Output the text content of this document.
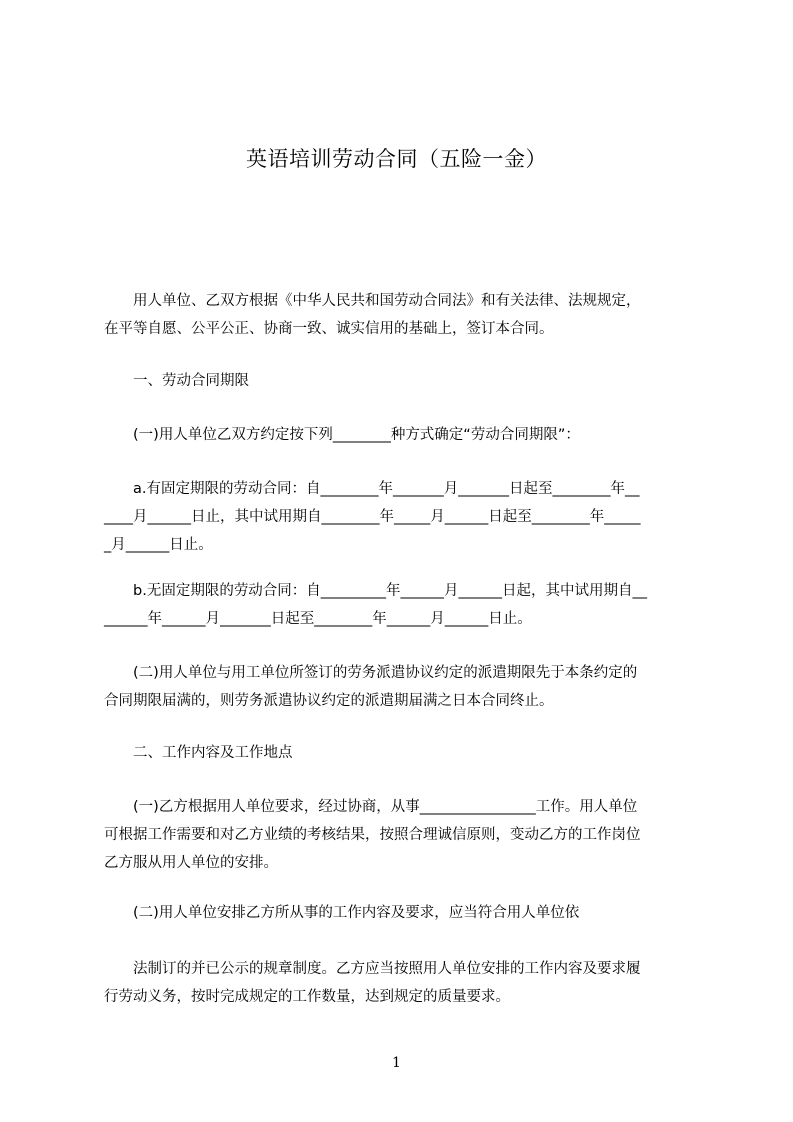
英语培训劳动合同（五险一金）
　　用人单位、乙双方根据《中华人民共和国劳动合同法》和有关法律、法规规定，
在平等自愿、公平公正、协商一致、诚实信用的基础上，签订本合同。
　　一、劳动合同期限
　　(一)用人单位乙双方约定按下列________种方式确定“劳动合同期限”：
　　a.有固定期限的劳动合同：自________年_______月_______日起至________年__
____月______日止，其中试用期自________年_____月______日起至________年_____
_月______日止。
　　b.无固定期限的劳动合同：自_________年______月______日起，其中试用期自__
______年______月_______日起至________年______月______日止。
　　(二)用人单位与用工单位所签订的劳务派遣协议约定的派遣期限先于本条约定的
合同期限届满的，则劳务派遣协议约定的派遣期届满之日本合同终止。
　　二、工作内容及工作地点
　　(一)乙方根据用人单位要求，经过协商，从事________________工作。用人单位
可根据工作需要和对乙方业绩的考核结果，按照合理诚信原则，变动乙方的工作岗位
乙方服从用人单位的安排。
　　(二)用人单位安排乙方所从事的工作内容及要求，应当符合用人单位依
　　法制订的并已公示的规章制度。乙方应当按照用人单位安排的工作内容及要求履
行劳动义务，按时完成规定的工作数量，达到规定的质量要求。
1
